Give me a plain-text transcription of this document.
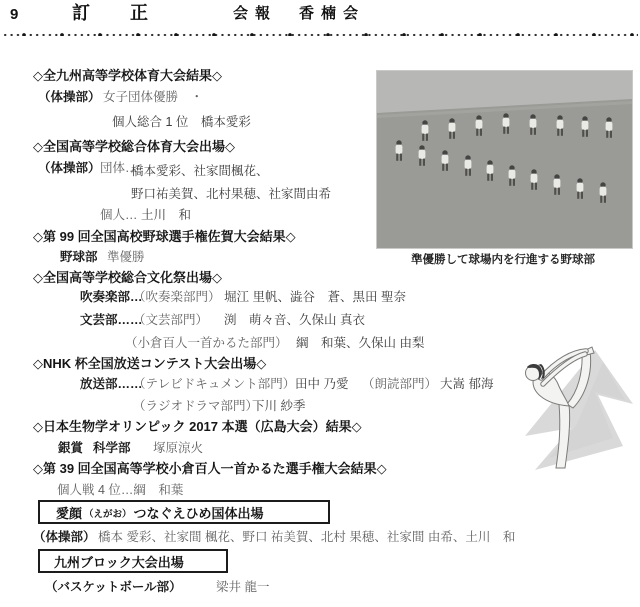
9	訂　正	会報　香楠会
◇全九州高等学校体育大会結果◇
（体操部） 女子団体優勝　・
個人総合 1 位　橋本愛彩
◇全国高等学校総合体育大会出場◇
（体操部） 団体…
橋本愛彩、社家間楓花、
野口祐美賀、北村果穂、社家間由希
個人… 土川　和
◇第 99 回全国高校野球選手権佐賀大会結果◇
野球部 準優勝
◇全国高等学校総合文化祭出場◇
吹奏楽部…
（吹奏楽部門） 堀江 里帆、澁谷　蒼、黒田 聖奈
文芸部……
（文芸部門） 渕　萌々音、久保山 真衣
（小倉百人一首かるた部門） 綱　和葉、久保山 由梨
◇NHK 杯全国放送コンテスト大会出場◇
放送部……
（テレビドキュメント部門） 田中 乃愛 （朗読部門） 大嵩 郁海
（ラジオドラマ部門）
下川 紗季
◇日本生物学オリンピック 2017 本選（広島大会）結果◇
銀賞 科学部 塚原涼火
◇第 39 回全国高等学校小倉百人一首かるた選手権大会結果◇
個人戦 4 位…綱　和葉
愛顔 （えがお） つなぐえひめ国体出場
（体操部） 橋本 愛彩、社家間 楓花、野口 祐美賀、北村 果穂、社家間 由希、土川　和
九州ブロック大会出場
（バスケットボール部）	梁井 龍一
準優勝して球場内を行進する野球部
